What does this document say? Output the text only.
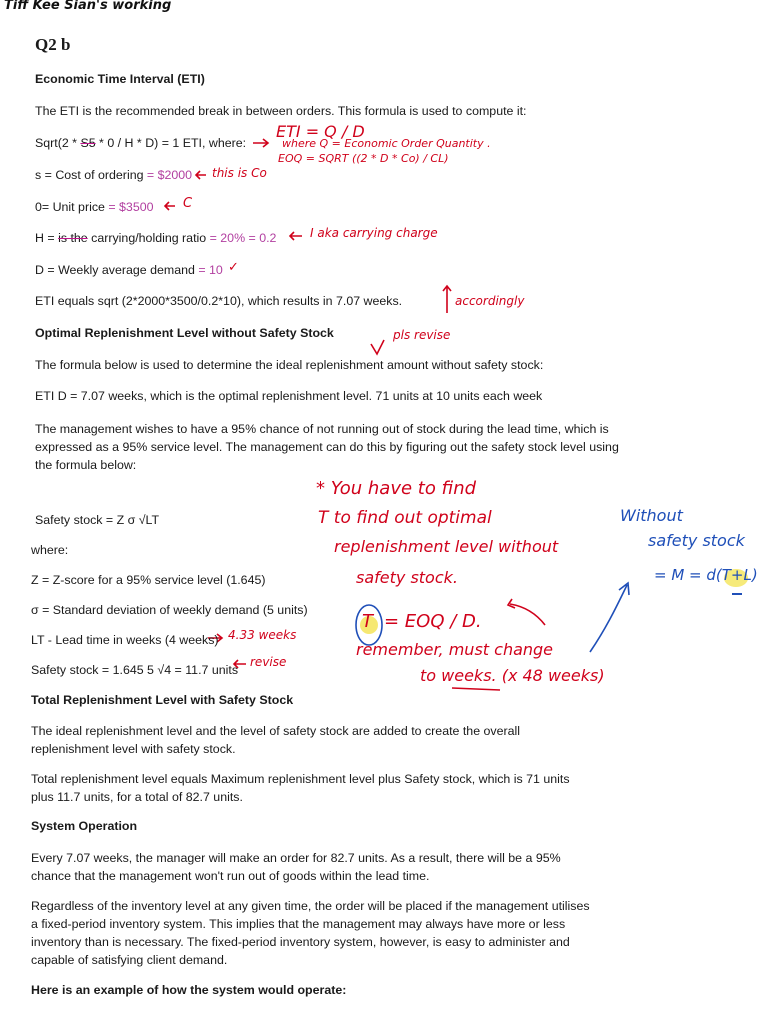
Tiff Kee Sian's working
Q2 b
Economic Time Interval (ETI)
The ETI is the recommended break in between orders. This formula is used to compute it:
Sqrt(2 * S5 * 0 / H * D) = 1 ETI, where:
s = Cost of ordering = $2000
0= Unit price = $3500
H = is the carrying/holding ratio = 20% = 0.2
D = Weekly average demand = 10
ETI equals sqrt (2*2000*3500/0.2*10), which results in 7.07 weeks.
Optimal Replenishment Level without Safety Stock
The formula below is used to determine the ideal replenishment amount without safety stock:
ETI D = 7.07 weeks, which is the optimal replenishment level. 71 units at 10 units each week
The management wishes to have a 95% chance of not running out of stock during the lead time, which is expressed as a 95% service level. The management can do this by figuring out the safety stock level using the formula below:
Safety stock = Z σ √LT
where:
Z = Z-score for a 95% service level (1.645)
σ = Standard deviation of weekly demand (5 units)
LT - Lead time in weeks (4 weeks)
Safety stock = 1.645 5 √4 = 11.7 units
Total Replenishment Level with Safety Stock
The ideal replenishment level and the level of safety stock are added to create the overall replenishment level with safety stock.
Total replenishment level equals Maximum replenishment level plus Safety stock, which is 71 units plus 11.7 units, for a total of 82.7 units.
System Operation
Every 7.07 weeks, the manager will make an order for 82.7 units. As a result, there will be a 95% chance that the management won't run out of goods within the lead time.
Regardless of the inventory level at any given time, the order will be placed if the management utilises a fixed-period inventory system. This implies that the management may always have more or less inventory than is necessary. The fixed-period inventory system, however, is easy to administer and capable of satisfying client demand.
Here is an example of how the system would operate:
ETI = Q / D
where Q = Economic Order Quantity .
EOQ = SQRT ((2 * D * Co) / CL)
this is Co
C
I aka carrying charge
✓
accordingly
pls revise
* You have to find
T to find out optimal
replenishment level without
safety stock.
T = EOQ / D.
remember, must change
to weeks. (x 48 weeks)
4.33 weeks
revise
Without
safety stock
= M = d(T+L)
